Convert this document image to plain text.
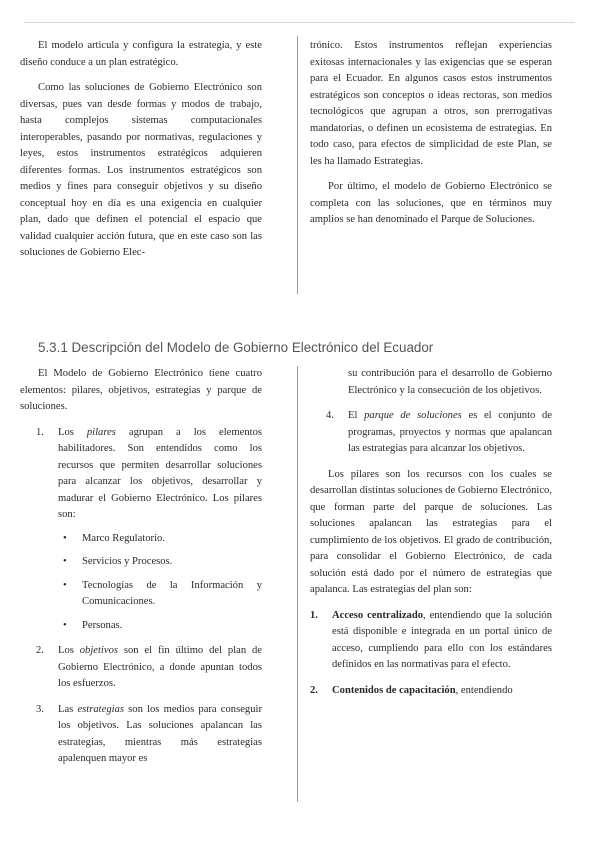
El modelo articula y configura la estrategia, y este diseño conduce a un plan estratégico.

Como las soluciones de Gobierno Electrónico son diversas, pues van desde formas y modos de trabajo, hasta complejos sistemas computacionales interoperables, pasando por normativas, regulaciones y leyes, estos instrumentos estratégicos adquieren diferentes formas. Los instrumentos estratégicos son medios y fines para conseguir objetivos y su diseño conceptual hoy en día es una exigencia en cualquier plan, dado que definen el potencial el espacio que validad cualquier acción futura, que en este caso son las soluciones de Gobierno Elec-

trónico. Estos instrumentos reflejan experiencias exitosas internacionales y las exigencias que se esperan para el Ecuador. En algunos casos estos instrumentos estratégicos son conceptos o ideas rectoras, son medios tecnológicos que agrupan a otros, son prerrogativas mandatorias, o definen un ecosistema de estrategias. En todo caso, para efectos de simplicidad de este Plan, se les ha llamado Estrategias.

Por último, el modelo de Gobierno Electrónico se completa con las soluciones, que en términos muy amplios se han denominado el Parque de Soluciones.

5.3.1 Descripción del Modelo de Gobierno Electrónico del Ecuador

El Modelo de Gobierno Electrónico tiene cuatro elementos: pilares, objetivos, estrategias y parque de soluciones.

1. Los pilares agrupan a los elementos habilitadores. Son entendidos como los recursos que permiten desarrollar soluciones para alcanzar los objetivos, desarrollar y madurar el Gobierno Electrónico. Los pilares son:
• Marco Regulatorio.
• Servicios y Procesos.
• Tecnologías de la Información y Comunicaciones.
• Personas.
2. Los objetivos son el fin último del plan de Gobierno Electrónico, a donde apuntan todos los esfuerzos.
3. Las estrategias son los medios para conseguir los objetivos. Las soluciones apalancan las estrategias, mientras más estrategias apalenquen mayor es

su contribución para el desarrollo de Gobierno Electrónico y la consecución de los objetivos.

4. El parque de soluciones es el conjunto de programas, proyectos y normas que apalancan las estrategias para alcanzar los objetivos.

Los pilares son los recursos con los cuales se desarrollan distintas soluciones de Gobierno Electrónico, que forman parte del parque de soluciones. Las soluciones apalancan las estrategias para el cumplimiento de los objetivos. El grado de contribución, para consolidar el Gobierno Electrónico, de cada solución está dado por el número de estrategias que apalanca. Las estrategias del plan son:

1. Acceso centralizado, entendiendo que la solución está disponible e integrada en un portal único de acceso, cumpliendo para ello con los estándares definidos en las normativas para el efecto.
2. Contenidos de capacitación, entendiendo
